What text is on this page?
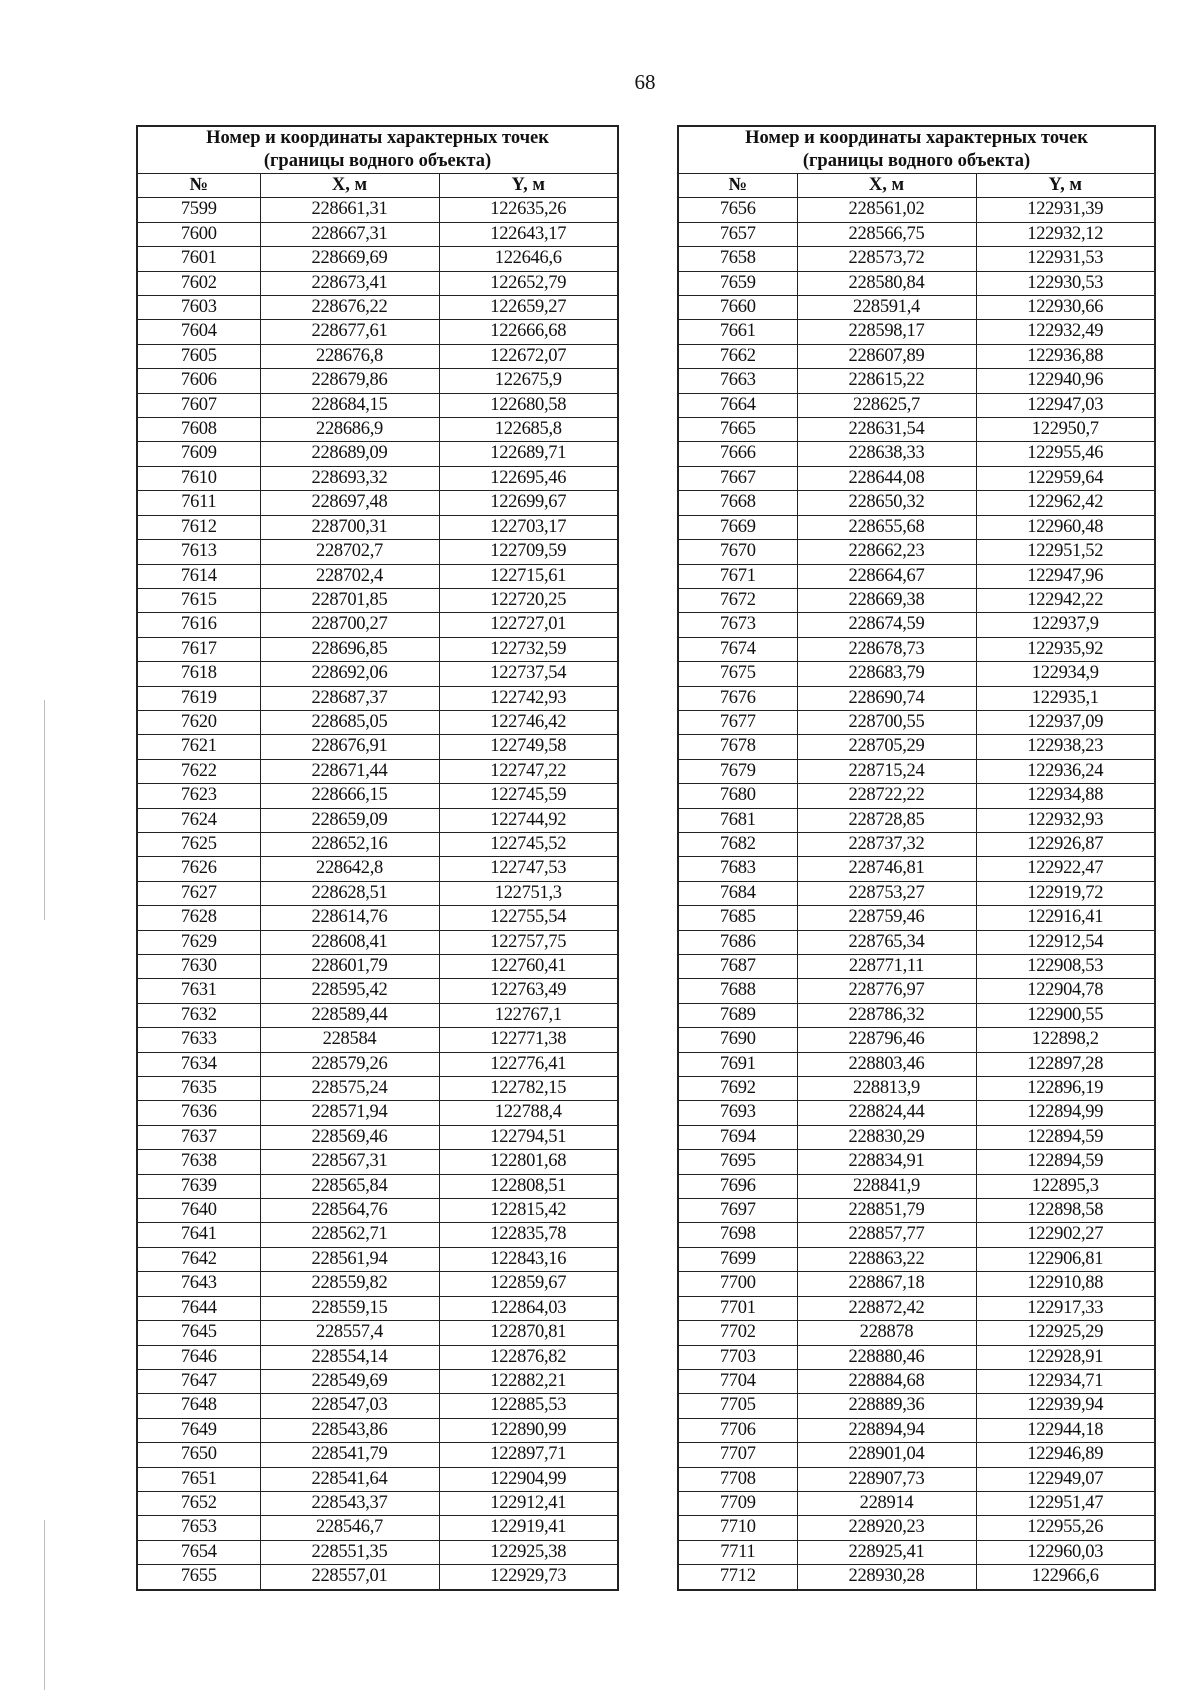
68
Номер и координаты характерных точек
(границы водного объекта)		

№	X, м	Y, м
7599	228661,31	122635,26
7600	228667,31	122643,17
7601	228669,69	122646,6
7602	228673,41	122652,79
7603	228676,22	122659,27
7604	228677,61	122666,68
7605	228676,8	122672,07
7606	228679,86	122675,9
7607	228684,15	122680,58
7608	228686,9	122685,8
7609	228689,09	122689,71
7610	228693,32	122695,46
7611	228697,48	122699,67
7612	228700,31	122703,17
7613	228702,7	122709,59
7614	228702,4	122715,61
7615	228701,85	122720,25
7616	228700,27	122727,01
7617	228696,85	122732,59
7618	228692,06	122737,54
7619	228687,37	122742,93
7620	228685,05	122746,42
7621	228676,91	122749,58
7622	228671,44	122747,22
7623	228666,15	122745,59
7624	228659,09	122744,92
7625	228652,16	122745,52
7626	228642,8	122747,53
7627	228628,51	122751,3
7628	228614,76	122755,54
7629	228608,41	122757,75
7630	228601,79	122760,41
7631	228595,42	122763,49
7632	228589,44	122767,1
7633	228584	122771,38
7634	228579,26	122776,41
7635	228575,24	122782,15
7636	228571,94	122788,4
7637	228569,46	122794,51
7638	228567,31	122801,68
7639	228565,84	122808,51
7640	228564,76	122815,42
7641	228562,71	122835,78
7642	228561,94	122843,16
7643	228559,82	122859,67
7644	228559,15	122864,03
7645	228557,4	122870,81
7646	228554,14	122876,82
7647	228549,69	122882,21
7648	228547,03	122885,53
7649	228543,86	122890,99
7650	228541,79	122897,71
7651	228541,64	122904,99
7652	228543,37	122912,41
7653	228546,7	122919,41
7654	228551,35	122925,38
7655	228557,01	122929,73
Номер и координаты характерных точек
(границы водного объекта)		

№	X, м	Y, м
7656	228561,02	122931,39
7657	228566,75	122932,12
7658	228573,72	122931,53
7659	228580,84	122930,53
7660	228591,4	122930,66
7661	228598,17	122932,49
7662	228607,89	122936,88
7663	228615,22	122940,96
7664	228625,7	122947,03
7665	228631,54	122950,7
7666	228638,33	122955,46
7667	228644,08	122959,64
7668	228650,32	122962,42
7669	228655,68	122960,48
7670	228662,23	122951,52
7671	228664,67	122947,96
7672	228669,38	122942,22
7673	228674,59	122937,9
7674	228678,73	122935,92
7675	228683,79	122934,9
7676	228690,74	122935,1
7677	228700,55	122937,09
7678	228705,29	122938,23
7679	228715,24	122936,24
7680	228722,22	122934,88
7681	228728,85	122932,93
7682	228737,32	122926,87
7683	228746,81	122922,47
7684	228753,27	122919,72
7685	228759,46	122916,41
7686	228765,34	122912,54
7687	228771,11	122908,53
7688	228776,97	122904,78
7689	228786,32	122900,55
7690	228796,46	122898,2
7691	228803,46	122897,28
7692	228813,9	122896,19
7693	228824,44	122894,99
7694	228830,29	122894,59
7695	228834,91	122894,59
7696	228841,9	122895,3
7697	228851,79	122898,58
7698	228857,77	122902,27
7699	228863,22	122906,81
7700	228867,18	122910,88
7701	228872,42	122917,33
7702	228878	122925,29
7703	228880,46	122928,91
7704	228884,68	122934,71
7705	228889,36	122939,94
7706	228894,94	122944,18
7707	228901,04	122946,89
7708	228907,73	122949,07
7709	228914	122951,47
7710	228920,23	122955,26
7711	228925,41	122960,03
7712	228930,28	122966,6
